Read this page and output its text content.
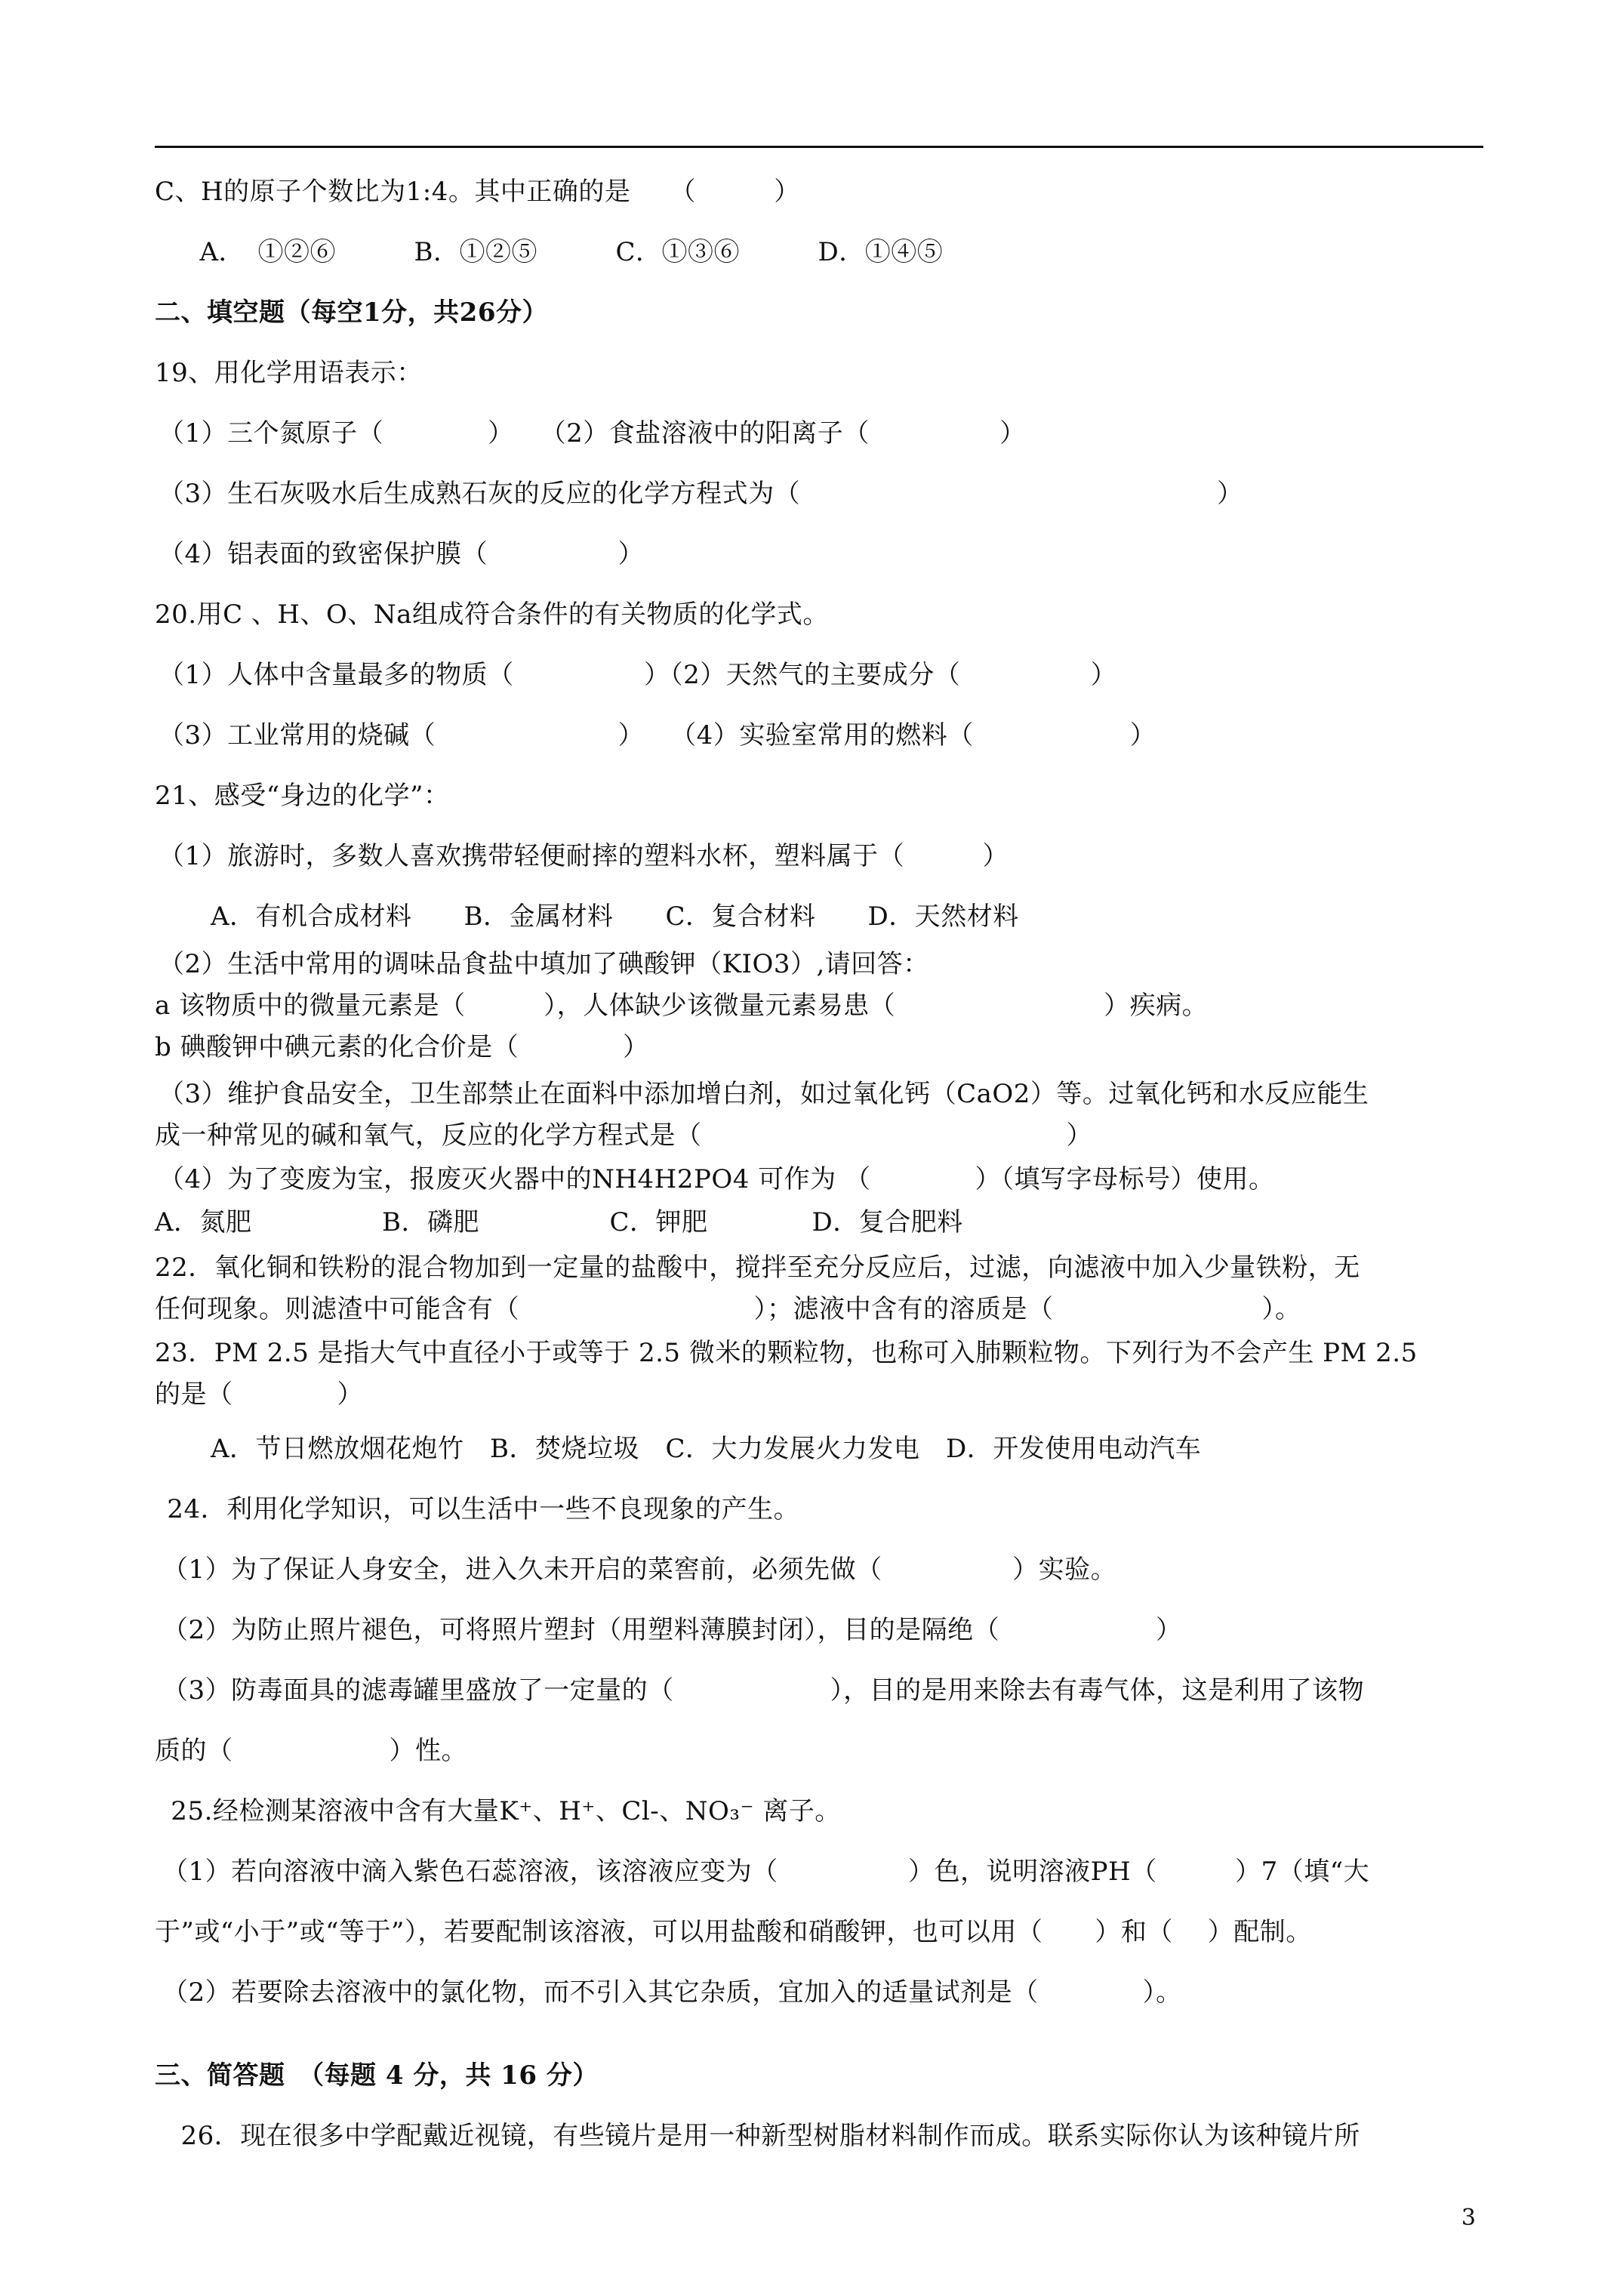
C、H的原子个数比为1:4。其中正确的是　　（　　　）
　A．　①②⑥　　　B．①②⑤　　　C．①③⑥　　　D．①④⑤
二、填空题（每空1分，共26分）
19、用化学用语表示：
（1）三个氮原子（　　　　）　　（2）食盐溶液中的阳离子（　　　　　）
（3）生石灰吸水后生成熟石灰的反应的化学方程式为（　　　　　　　　　　　　　　　　）
（4）铝表面的致密保护膜（　　　　　）
20.用C 、H、O、Na组成符合条件的有关物质的化学式。
（1）人体中含量最多的物质（　　　　　）（2）天然气的主要成分（　　　　　）
（3）工业常用的烧碱（　　　　　　　）　　（4）实验室常用的燃料（　　　　　　）
21、感受“身边的化学”：
（1）旅游时，多数人喜欢携带轻便耐摔的塑料水杯，塑料属于（　　　）
　　A．有机合成材料　　B．金属材料　　C．复合材料　　D．天然材料
（2）生活中常用的调味品食盐中填加了碘酸钾（KIO3）,请回答：
a 该物质中的微量元素是（　　　），人体缺少该微量元素易患（　　　　　　　　）疾病。
b 碘酸钾中碘元素的化合价是（　　　　）
（3）维护食品安全，卫生部禁止在面料中添加增白剂，如过氧化钙（CaO2）等。过氧化钙和水反应能生
成一种常见的碱和氧气，反应的化学方程式是（　　　　　　　　　　　　　　）
（4）为了变废为宝，报废灭火器中的NH4H2PO4 可作为 （　　　　）（填写字母标号）使用。
A．氮肥　　　　　B．磷肥　　　　　C．钾肥　　　　D．复合肥料
22．氧化铜和铁粉的混合物加到一定量的盐酸中，搅拌至充分反应后，过滤，向滤液中加入少量铁粉，无
任何现象。则滤渣中可能含有（　　　　　　　　　）；滤液中含有的溶质是（　　　　　　　　）。
23．PM 2.5 是指大气中直径小于或等于 2.5 微米的颗粒物，也称可入肺颗粒物。下列行为不会产生 PM 2.5
的是（　　　　）
　　A．节日燃放烟花炮竹　B．焚烧垃圾　C．大力发展火力发电　D．开发使用电动汽车
24．利用化学知识，可以生活中一些不良现象的产生。
（1）为了保证人身安全，进入久未开启的菜窖前，必须先做（　　　　　）实验。
（2）为防止照片褪色，可将照片塑封（用塑料薄膜封闭），目的是隔绝（　　　　　　）
（3）防毒面具的滤毒罐里盛放了一定量的（　　　　　　），目的是用来除去有毒气体，这是利用了该物
质的（　　　　　　）性。
25.经检测某溶液中含有大量K⁺、H⁺、Cl-、NO₃⁻ 离子。
（1）若向溶液中滴入紫色石蕊溶液，该溶液应变为（　　　　　）色，说明溶液PH（　　　）7（填“大
于”或“小于”或“等于”），若要配制该溶液，可以用盐酸和硝酸钾，也可以用（　　）和（　 ）配制。
（2）若要除去溶液中的氯化物，而不引入其它杂质，宜加入的适量试剂是（　　　　）。
三、简答题　（每题 4 分，共 16 分）
　26．现在很多中学配戴近视镜，有些镜片是用一种新型树脂材料制作而成。联系实际你认为该种镜片所
3
